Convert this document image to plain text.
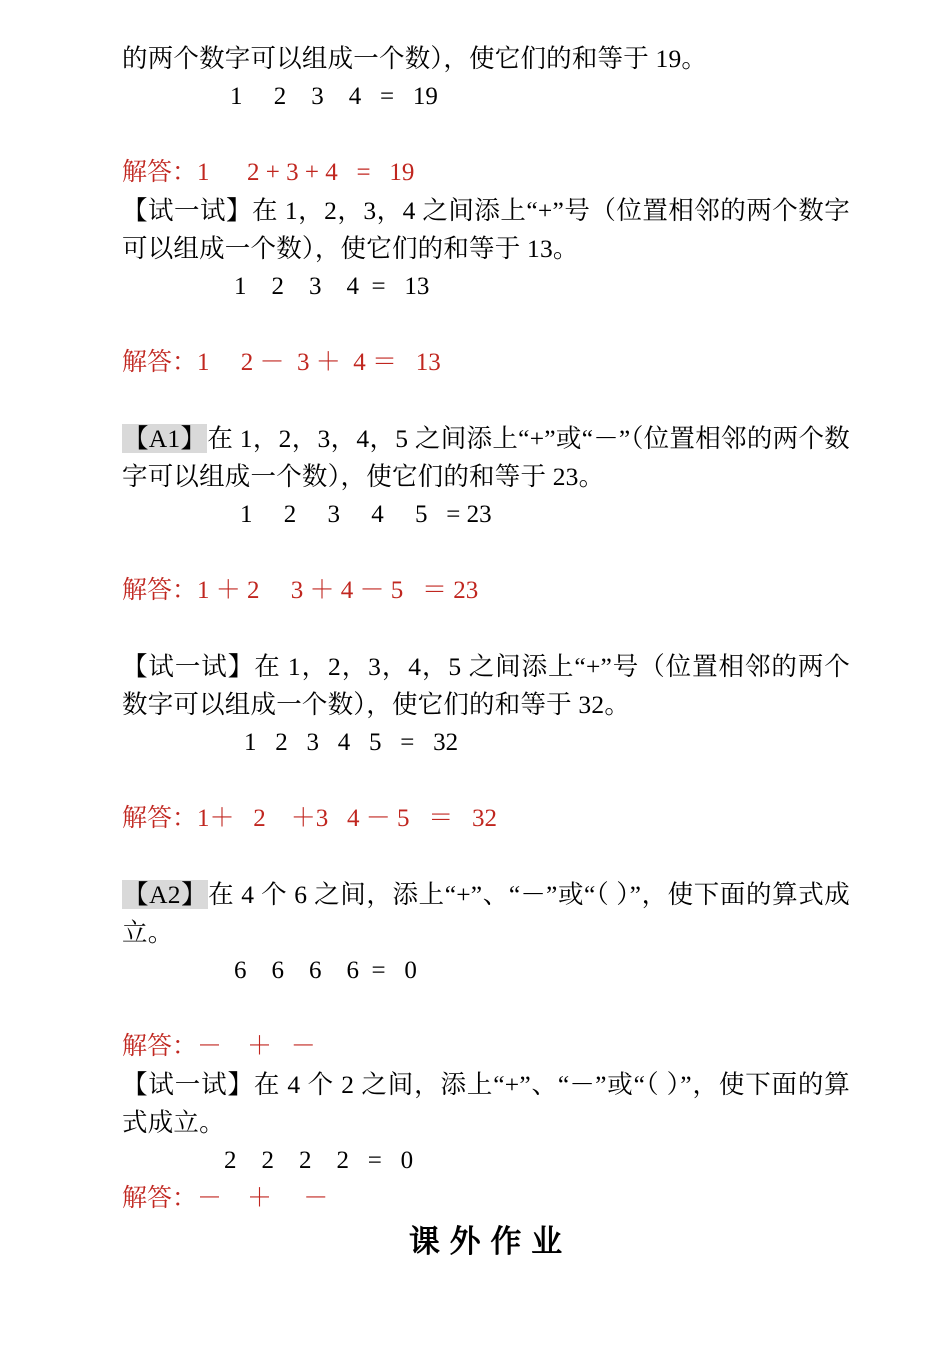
的两个数字可以组成一个数），使它们的和等于 19。

1     2    3    4   =   19

解答：1      2 + 3 + 4   =   19

【试一试】在 1，2，3，4 之间添上“+”号（位置相邻的两个数字可以组成一个数），使它们的和等于 13。

1    2    3    4  =   13

解答：1     2 －  3 ＋  4 ＝   13

【A1】在 1，2，3，4，5 之间添上“+”或“－”（位置相邻的两个数字可以组成一个数），使它们的和等于 23。

1     2     3     4     5   = 23

解答：1 ＋ 2     3 ＋ 4 － 5   ＝ 23

【试一试】在 1，2，3，4，5 之间添上“+”号（位置相邻的两个数字可以组成一个数），使它们的和等于 32。

1   2   3   4   5   =   32

解答：1＋   2    ＋3   4 － 5   ＝   32

【A2】在 4 个 6 之间，添上“+”、“－”或“（ ）”，使下面的算式成立。

6    6    6    6  =   0

解答：－    ＋   －

【试一试】在 4 个 2 之间，添上“+”、“－”或“（ ）”，使下面的算式成立。

2    2    2    2   =   0

解答：－    ＋     －

课 外 作 业
